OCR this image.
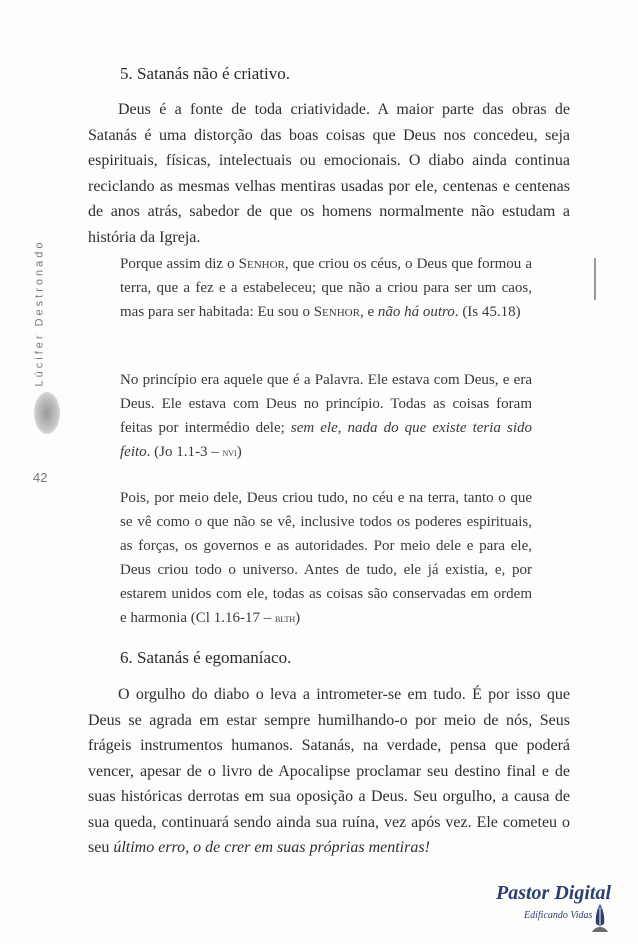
Lúcifer Destronado
42
5. Satanás não é criativo.

Deus é a fonte de toda criatividade. A maior parte das obras de Satanás é uma distorção das boas coisas que Deus nos concedeu, seja espirituais, físicas, intelectuais ou emocionais. O diabo ainda continua reciclando as mesmas velhas mentiras usadas por ele, centenas e centenas de anos atrás, sabedor de que os homens normalmente não estudam a história da Igreja.

Porque assim diz o Senhor, que criou os céus, o Deus que formou a terra, que a fez e a estabeleceu; que não a criou para ser um caos, mas para ser habitada: Eu sou o Senhor, e não há outro. (Is 45.18)

No princípio era aquele que é a Palavra. Ele estava com Deus, e era Deus. Ele estava com Deus no princípio. Todas as coisas foram feitas por intermédio dele; sem ele, nada do que existe teria sido feito. (Jo 1.1-3 – nvi)

Pois, por meio dele, Deus criou tudo, no céu e na terra, tanto o que se vê como o que não se vê, inclusive todos os poderes espirituais, as forças, os governos e as autoridades. Por meio dele e para ele, Deus criou todo o universo. Antes de tudo, ele já existia, e, por estarem unidos com ele, todas as coisas são conservadas em ordem e harmonia (Cl 1.16-17 – blth)

6. Satanás é egomaníaco.

O orgulho do diabo o leva a intrometer-se em tudo. É por isso que Deus se agrada em estar sempre humilhando-o por meio de nós, Seus frágeis instrumentos humanos. Satanás, na verdade, pensa que poderá vencer, apesar de o livro de Apocalipse proclamar seu destino final e de suas históricas derrotas em sua oposição a Deus. Seu orgulho, a causa de sua queda, continuará sendo ainda sua ruína, vez após vez. Ele cometeu o seu último erro, o de crer em suas próprias mentiras!

Pastor Digital
Edificando Vidas
